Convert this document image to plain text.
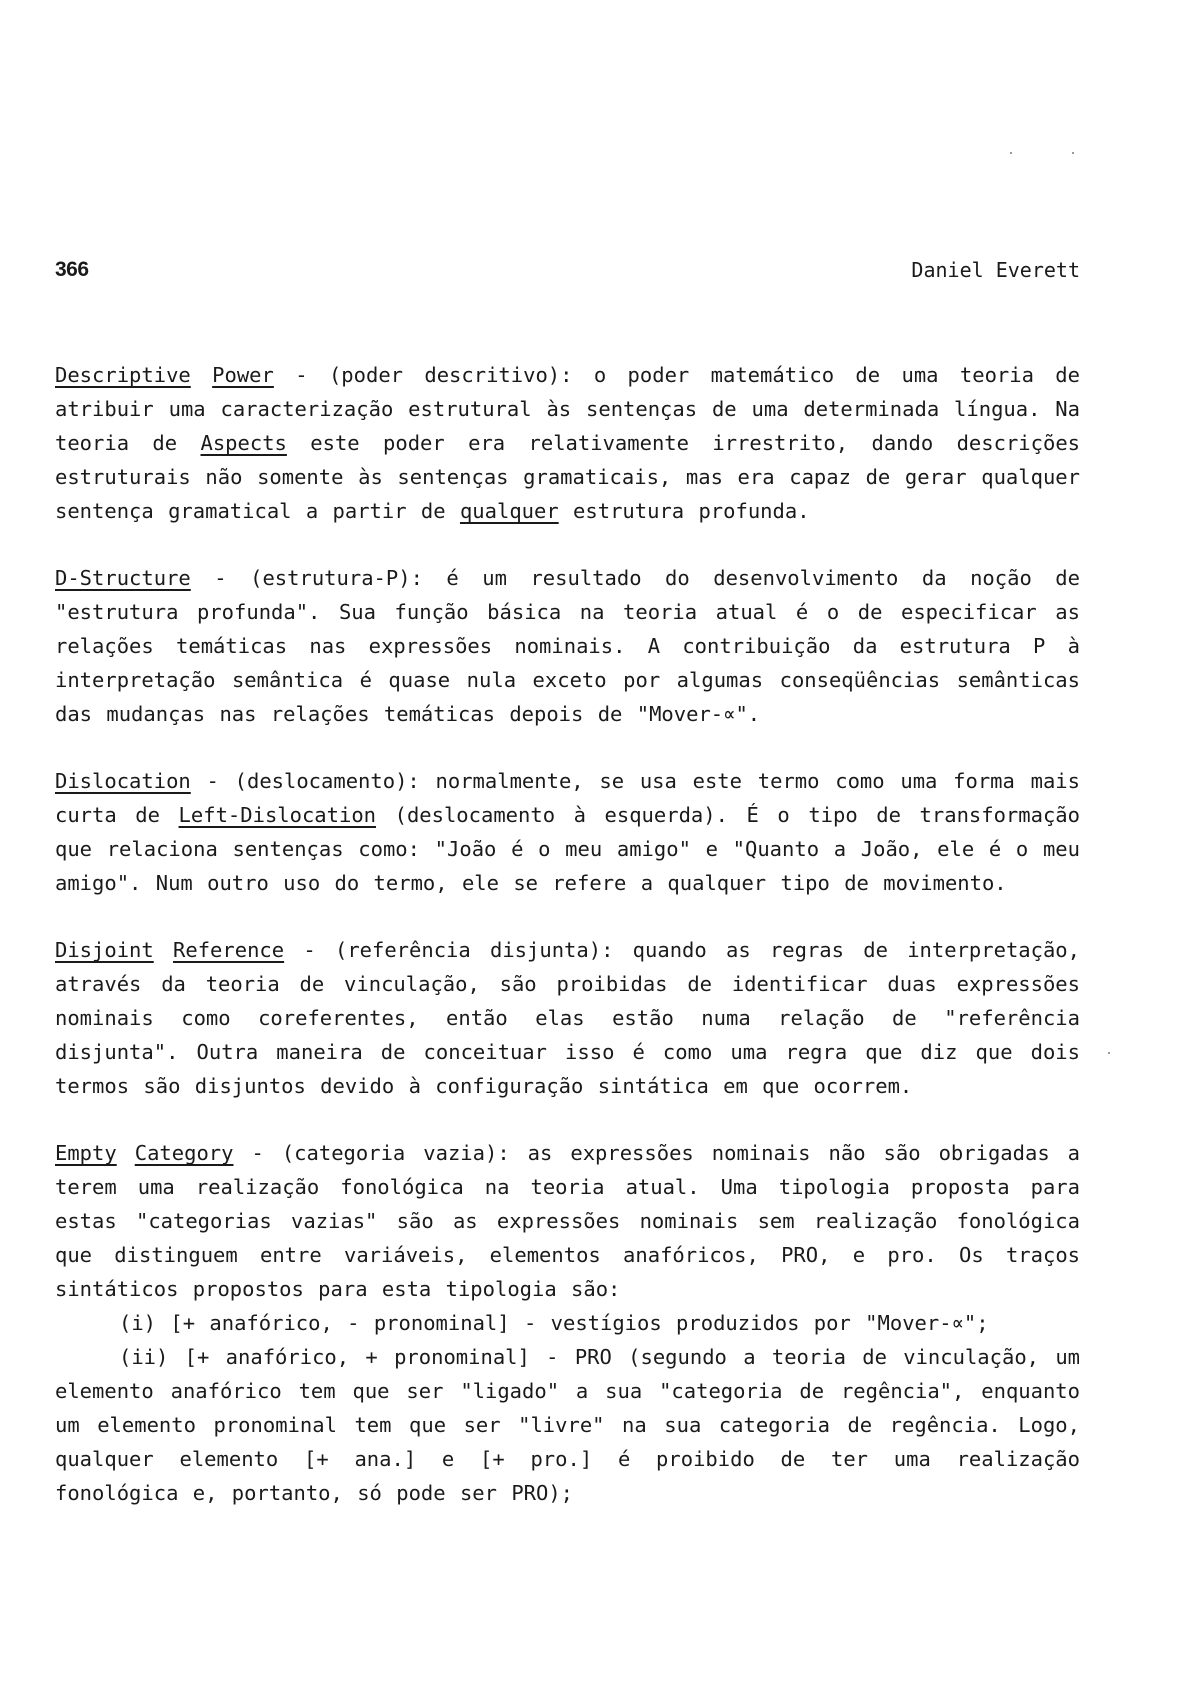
366	Daniel Everett

Descriptive Power - (poder descritivo): o poder matemático de uma teoria de atribuir uma caracterização estrutural às sentenças de uma determinada língua. Na teoria de Aspects este poder era relativamente irrestrito, dando descrições estruturais não somente às sentenças gramaticais, mas era capaz de gerar qualquer sentença gramatical a partir de qualquer estrutura profunda.

D-Structure - (estrutura-P): é um resultado do desenvolvimento da noção de "estrutura profunda". Sua função básica na teoria atual é o de especificar as relações temáticas nas expressões nominais. A contribuição da estrutura P à interpretação semântica é quase nula exceto por algumas conseqüências semânticas das mudanças nas relações temáticas depois de "Mover-∝".

Dislocation - (deslocamento): normalmente, se usa este termo como uma forma mais curta de Left-Dislocation (deslocamento à esquerda). É o tipo de transformação que relaciona sentenças como: "João é o meu amigo" e "Quanto a João, ele é o meu amigo". Num outro uso do termo, ele se refere a qualquer tipo de movimento.

Disjoint Reference - (referência disjunta): quando as regras de interpretação, através da teoria de vinculação, são proibidas de identificar duas expressões nominais como coreferentes, então elas estão numa relação de "referência disjunta". Outra maneira de conceituar isso é como uma regra que diz que dois termos são disjuntos devido à configuração sintática em que ocorrem.

Empty Category - (categoria vazia): as expressões nominais não são obrigadas a terem uma realização fonológica na teoria atual. Uma tipologia proposta para estas "categorias vazias" são as expressões nominais sem realização fonológica que distinguem entre variáveis, elementos anafóricos, PRO, e pro. Os traços sintáticos propostos para esta tipologia são:

(i) [+ anafórico, - pronominal] - vestígios produzidos por "Mover-∝";

(ii) [+ anafórico, + pronominal] - PRO (segundo a teoria de vinculação, um elemento anafórico tem que ser "ligado" a sua "categoria de regência", enquanto um elemento pronominal tem que ser "livre" na sua categoria de regência. Logo, qualquer elemento [+ ana.] e [+ pro.] é proibido de ter uma realização fonológica e, portanto, só pode ser PRO);
